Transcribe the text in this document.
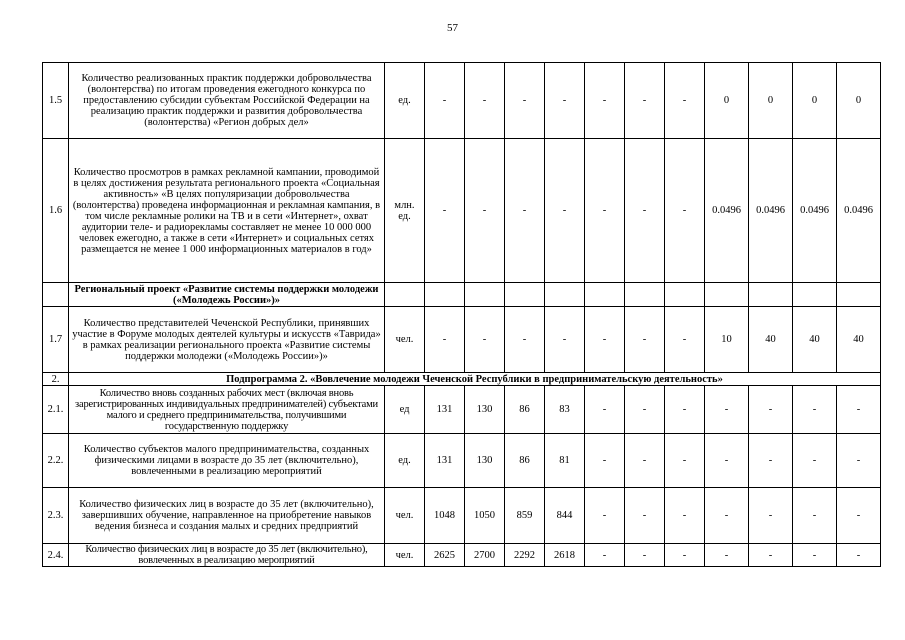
57
1.5	Количество реализованных практик поддержки добровольчества (волонтерства) по итогам проведения ежегодного конкурса по предоставлению субсидии субъектам Российской Федерации на реализацию практик поддержки и развития добровольчества (волонтерства) «Регион добрых дел»	ед.	-	-	-	-	-	-	-	0	0	0	0
1.6	Количество просмотров в рамках рекламной кампании, проводимой в целях достижения результата регионального проекта «Социальная активность» «В целях популяризации добровольчества (волонтерства) проведена информационная и рекламная кампания, в том числе рекламные ролики на ТВ и в сети «Интернет», охват аудитории теле- и радиорекламы составляет не менее 10 000 000 человек ежегодно, а также в сети «Интернет» и социальных сетях размещается не менее 1 000 информационных материалов в год»	млн. ед.	-	-	-	-	-	-	-	0.0496	0.0496	0.0496	0.0496
	Региональный проект «Развитие системы поддержки молодежи («Молодежь России»)»												
1.7	Количество представителей Чеченской Республики, принявших участие в Форуме молодых деятелей культуры и искусств «Таврида» в рамках реализации регионального проекта «Развитие системы поддержки молодежи («Молодежь России»)»	чел.	-	-	-	-	-	-	-	10	40	40	40
2.	Подпрограмма 2. «Вовлечение молодежи Чеченской Республики в предпринимательскую деятельность»												
2.1.	Количество вновь созданных рабочих мест (включая вновь зарегистрированных индивидуальных предпринимателей) субъектами малого и среднего предпринимательства, получившими государственную поддержку	ед	131	130	86	83	-	-	-	-	-	-	-
2.2.	Количество субъектов малого предпринимательства, созданных физическими лицами в возрасте до 35 лет (включительно), вовлеченными в реализацию мероприятий	ед.	131	130	86	81	-	-	-	-	-	-	-
2.3.	Количество физических лиц в возрасте до 35 лет (включительно), завершивших обучение, направленное на приобретение навыков ведения бизнеса и создания малых и средних предприятий	чел.	1048	1050	859	844	-	-	-	-	-	-	-
2.4.	Количество физических лиц в возрасте до 35 лет (включительно), вовлеченных в реализацию мероприятий	чел.	2625	2700	2292	2618	-	-	-	-	-	-	-
